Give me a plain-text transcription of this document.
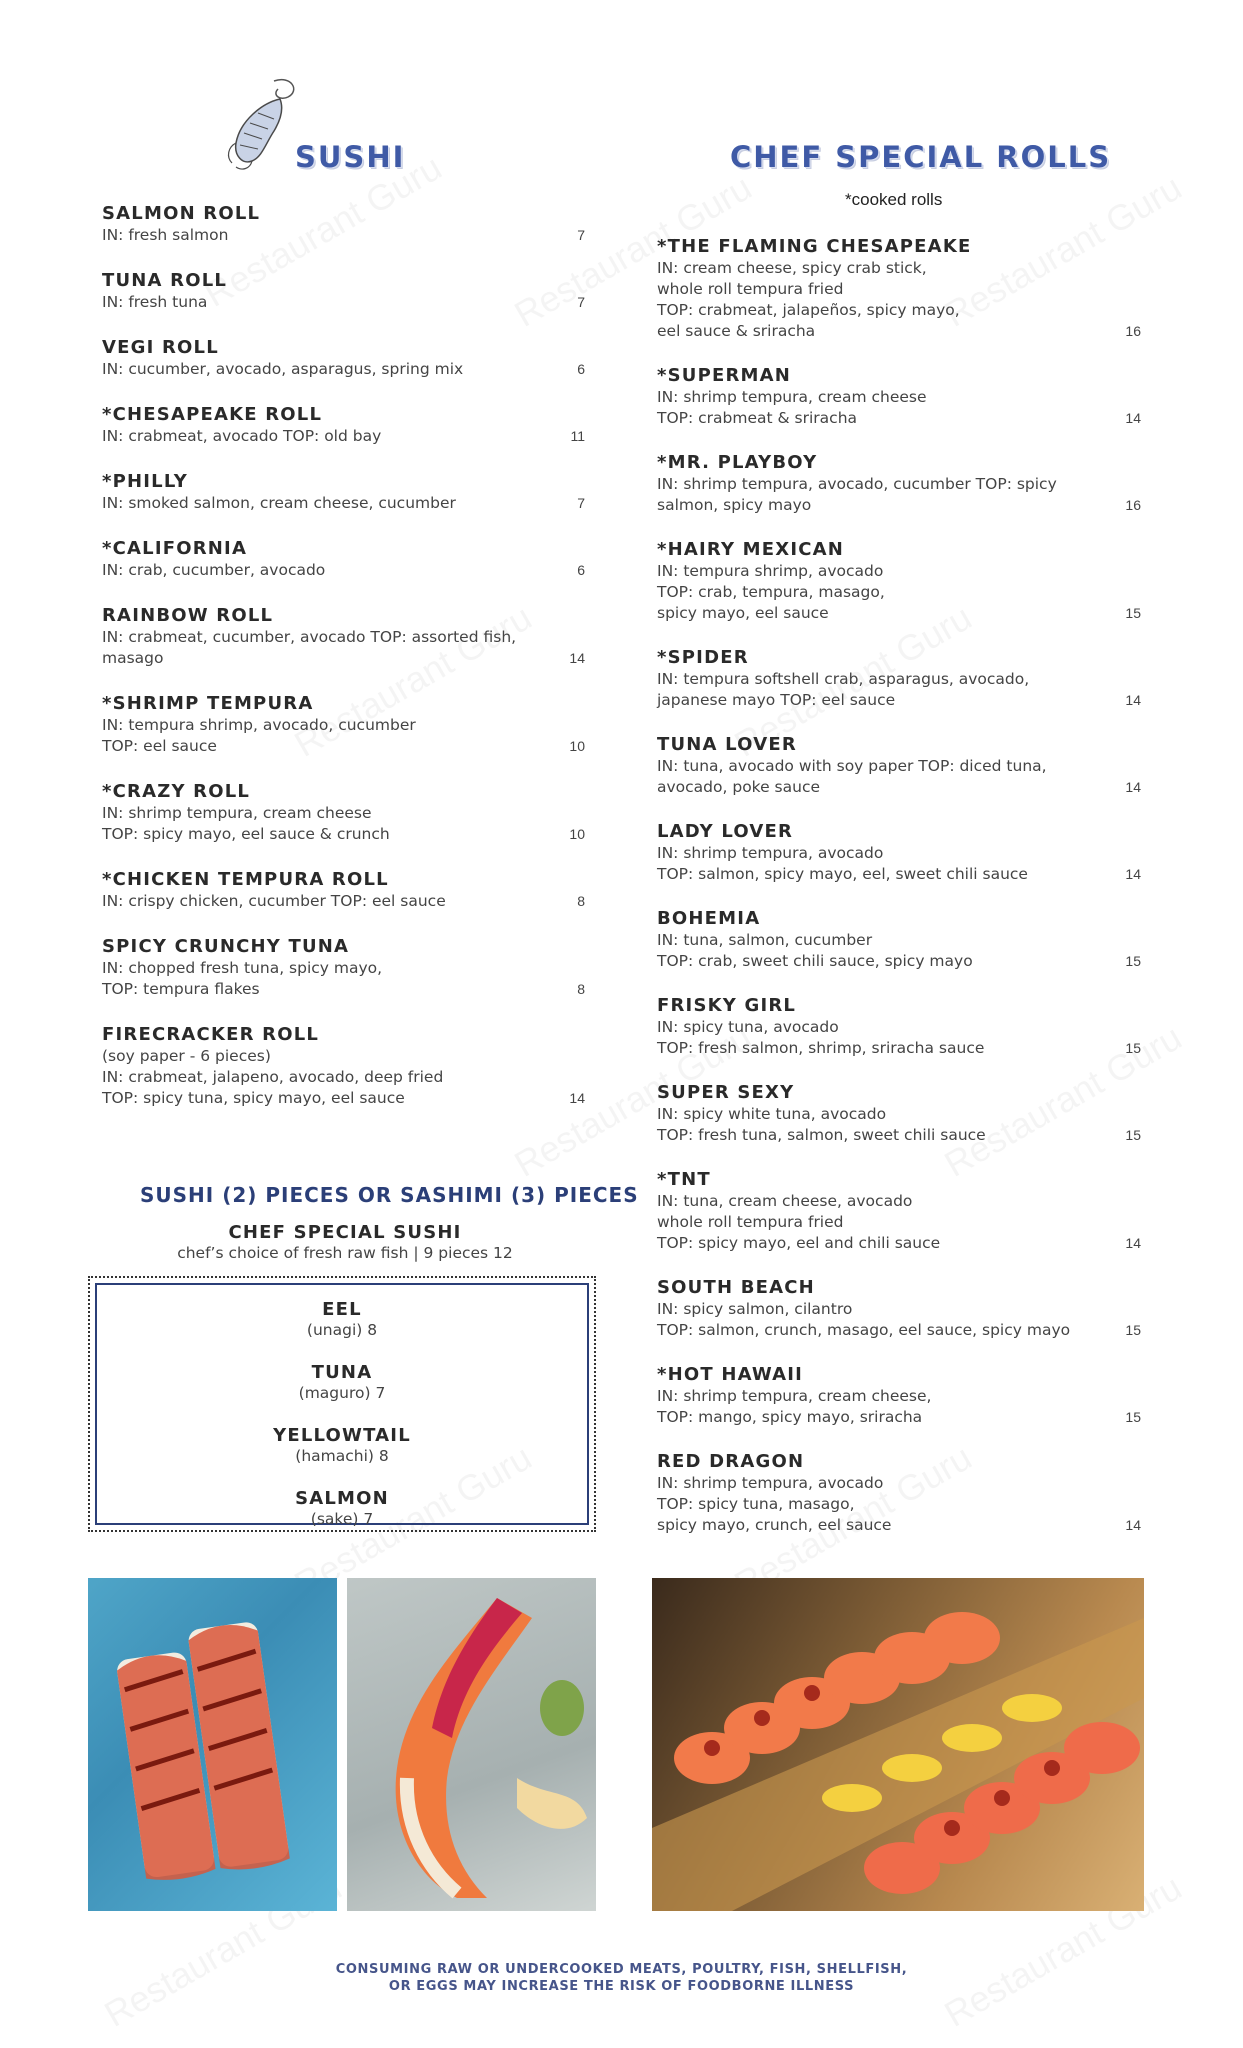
SUSHI	CHEF SPECIAL ROLLS
*cooked rolls
SALMON ROLL
IN: fresh salmon	7
TUNA ROLL
IN: fresh tuna	7
VEGI ROLL
IN: cucumber, avocado, asparagus, spring mix	6
*CHESAPEAKE ROLL
IN: crabmeat, avocado TOP: old bay	11
*PHILLY
IN: smoked salmon, cream cheese, cucumber	7
*CALIFORNIA
IN: crab, cucumber, avocado	6
RAINBOW ROLL
IN: crabmeat, cucumber, avocado TOP: assorted fish,
masago	14
*SHRIMP TEMPURA
IN: tempura shrimp, avocado, cucumber
TOP: eel sauce	10
*CRAZY ROLL
IN: shrimp tempura, cream cheese
TOP: spicy mayo, eel sauce & crunch	10
*CHICKEN TEMPURA ROLL
IN: crispy chicken, cucumber TOP: eel sauce	8
SPICY CRUNCHY TUNA
IN: chopped fresh tuna, spicy mayo,
TOP: tempura flakes	8
FIRECRACKER ROLL
(soy paper - 6 pieces)
IN: crabmeat, jalapeno, avocado, deep fried
TOP: spicy tuna, spicy mayo, eel sauce	14
*THE FLAMING CHESAPEAKE
IN: cream cheese, spicy crab stick,
whole roll tempura fried
TOP: crabmeat, jalapeños, spicy mayo,
eel sauce & sriracha	16
*SUPERMAN
IN: shrimp tempura, cream cheese
TOP: crabmeat & sriracha	14
*MR. PLAYBOY
IN: shrimp tempura, avocado, cucumber TOP: spicy
salmon, spicy mayo	16
*HAIRY MEXICAN
IN: tempura shrimp, avocado
TOP: crab, tempura, masago,
spicy mayo, eel sauce	15
*SPIDER
IN: tempura softshell crab, asparagus, avocado,
japanese mayo TOP: eel sauce	14
TUNA LOVER
IN: tuna, avocado with soy paper TOP: diced tuna,
avocado, poke sauce	14
LADY LOVER
IN: shrimp tempura, avocado
TOP: salmon, spicy mayo, eel, sweet chili sauce	14
BOHEMIA
IN: tuna, salmon, cucumber
TOP: crab, sweet chili sauce, spicy mayo	15
FRISKY GIRL
IN: spicy tuna, avocado
TOP: fresh salmon, shrimp, sriracha sauce	15
SUPER SEXY
IN: spicy white tuna, avocado
TOP: fresh tuna, salmon, sweet chili sauce	15
*TNT
IN: tuna, cream cheese, avocado
whole roll tempura fried
TOP: spicy mayo, eel and chili sauce	14
SOUTH BEACH
IN: spicy salmon, cilantro
TOP: salmon, crunch, masago, eel sauce, spicy mayo	15
*HOT HAWAII
IN: shrimp tempura, cream cheese,
TOP: mango, spicy mayo, sriracha	15
RED DRAGON
IN: shrimp tempura, avocado
TOP: spicy tuna, masago,
spicy mayo, crunch, eel sauce	14
SUSHI (2) PIECES OR SASHIMI (3) PIECES
CHEF SPECIAL SUSHI
chef’s choice of fresh raw fish | 9 pieces 12
EEL
(unagi) 8
TUNA
(maguro) 7
YELLOWTAIL
(hamachi) 8
SALMON
(sake) 7
CONSUMING RAW OR UNDERCOOKED MEATS, POULTRY, FISH, SHELLFISH,
OR EGGS MAY INCREASE THE RISK OF FOODBORNE ILLNESS
